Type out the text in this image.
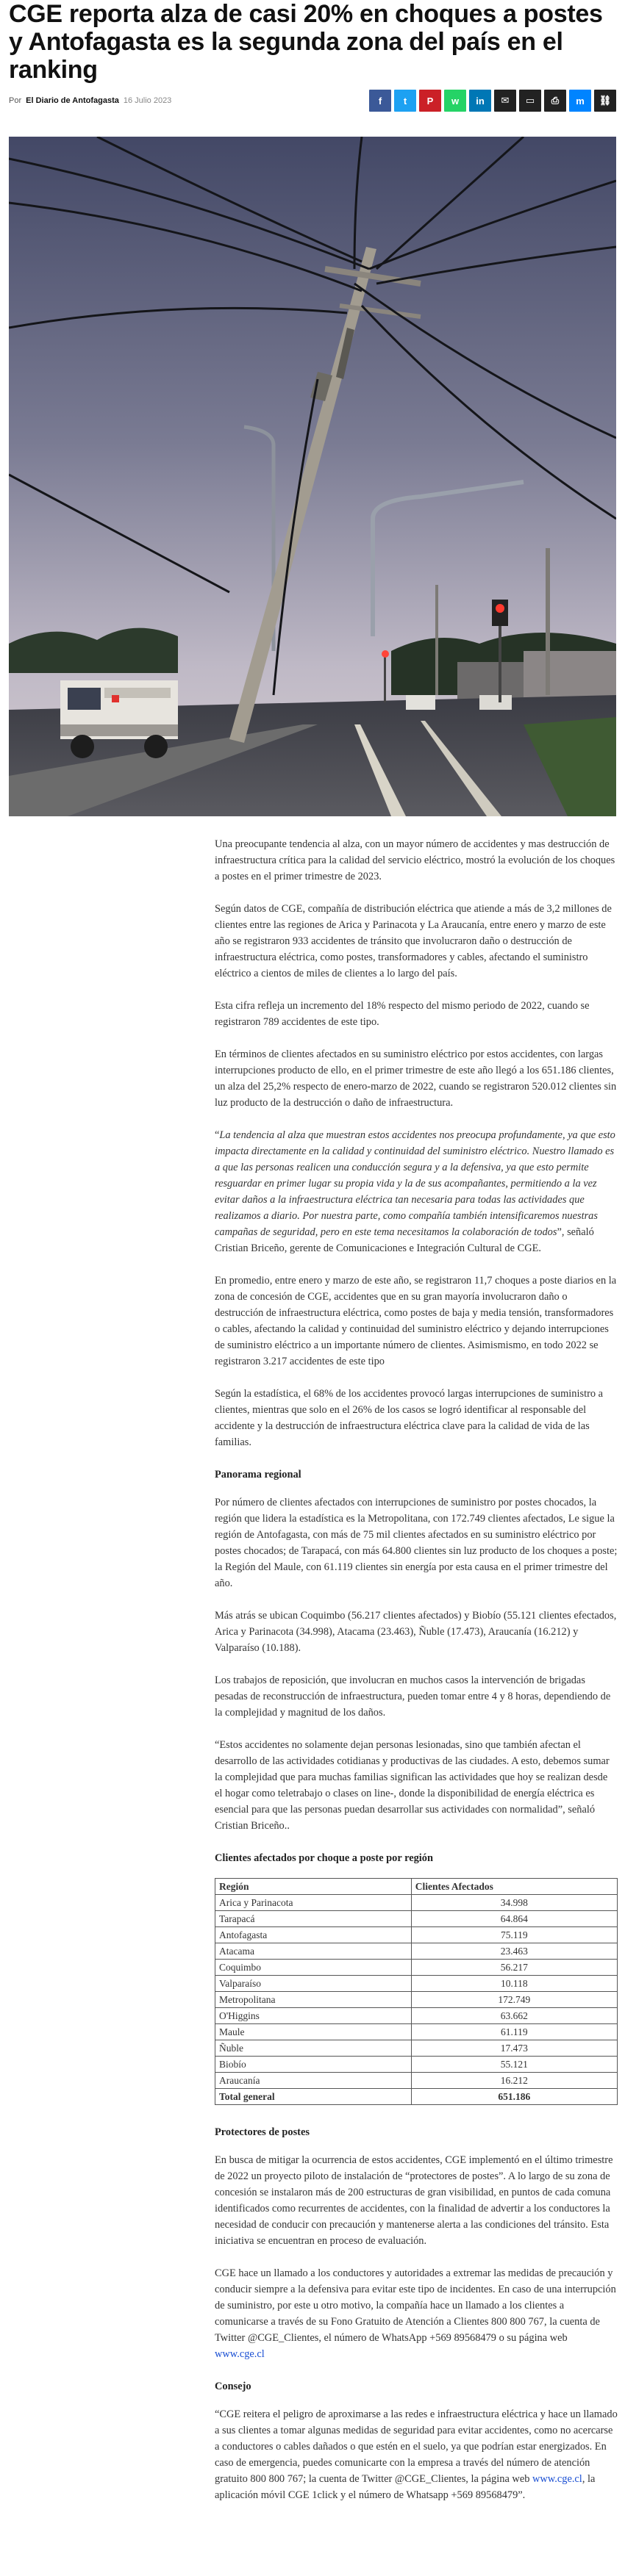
CGE reporta alza de casi 20% en choques a postes y Antofagasta es la segunda zona del país en el ranking
Por El Diario de Antofagasta 16 Julio 2023	f t P w in ✉ ▭ ⎙ m ⛓

Una preocupante tendencia al alza, con un mayor número de accidentes y mas destrucción de infraestructura crítica para la calidad del servicio eléctrico, mostró la evolución de los choques a postes en el primer trimestre de 2023.

Según datos de CGE, compañía de distribución eléctrica que atiende a más de 3,2 millones de clientes entre las regiones de Arica y Parinacota y La Araucanía, entre enero y marzo de este año se registraron 933 accidentes de tránsito que involucraron daño o destrucción de infraestructura eléctrica, como postes, transformadores y cables, afectando el suministro eléctrico a cientos de miles de clientes a lo largo del país.

Esta cifra refleja un incremento del 18% respecto del mismo periodo de 2022, cuando se registraron 789 accidentes de este tipo.

En términos de clientes afectados en su suministro eléctrico por estos accidentes, con largas interrupciones producto de ello, en el primer trimestre de este año llegó a los 651.186 clientes, un alza del 25,2% respecto de enero-marzo de 2022, cuando se registraron 520.012 clientes sin luz producto de la destrucción o daño de infraestructura.

“La tendencia al alza que muestran estos accidentes nos preocupa profundamente, ya que esto impacta directamente en la calidad y continuidad del suministro eléctrico. Nuestro llamado es a que las personas realicen una conducción segura y a la defensiva, ya que esto permite resguardar en primer lugar su propia vida y la de sus acompañantes, permitiendo a la vez evitar daños a la infraestructura eléctrica tan necesaria para todas las actividades que realizamos a diario. Por nuestra parte, como compañía también intensificaremos nuestras campañas de seguridad, pero en este tema necesitamos la colaboración de todos”, señaló Cristian Briceño, gerente de Comunicaciones e Integración Cultural de CGE.

En promedio, entre enero y marzo de este año, se registraron 11,7 choques a poste diarios en la zona de concesión de CGE, accidentes que en su gran mayoría involucraron daño o destrucción de infraestructura eléctrica, como postes de baja y media tensión, transformadores o cables, afectando la calidad y continuidad del suministro eléctrico y dejando interrupciones de suministro eléctrico a un importante número de clientes. Asimismismo, en todo 2022 se registraron 3.217 accidentes de este tipo

Según la estadística, el 68% de los accidentes provocó largas interrupciones de suministro a clientes, mientras que solo en el 26% de los casos se logró identificar al responsable del accidente y la destrucción de infraestructura eléctrica clave para la calidad de vida de las familias.

Panorama regional

Por número de clientes afectados con interrupciones de suministro por postes chocados, la región que lidera la estadística es la Metropolitana, con 172.749 clientes afectados, Le sigue la región de Antofagasta, con más de 75 mil clientes afectados en su suministro eléctrico por postes chocados; de Tarapacá, con más 64.800 clientes sin luz producto de los choques a poste; la Región del Maule, con 61.119 clientes sin energía por esta causa en el primer trimestre del año.

Más atrás se ubican Coquimbo (56.217 clientes afectados) y Biobío (55.121 clientes efectados, Arica y Parinacota (34.998), Atacama (23.463), Ñuble (17.473), Araucanía (16.212) y Valparaíso (10.188).

Los trabajos de reposición, que involucran en muchos casos la intervención de brigadas pesadas de reconstrucción de infraestructura, pueden tomar entre 4 y 8 horas, dependiendo de la complejidad y magnitud de los daños.

“Estos accidentes no solamente dejan personas lesionadas, sino que también afectan el desarrollo de las actividades cotidianas y productivas de las ciudades. A esto, debemos sumar la complejidad que para muchas familias significan las actividades que hoy se realizan desde el hogar como teletrabajo o clases on line-, donde la disponibilidad de energía eléctrica es esencial para que las personas puedan desarrollar sus actividades con normalidad”, señaló Cristian Briceño..

Clientes afectados por choque a poste por región
Región	Clientes Afectados
Arica y Parinacota	34.998
Tarapacá	64.864
Antofagasta	75.119
Atacama	23.463
Coquimbo	56.217
Valparaíso	10.118
Metropolitana	172.749
O'Higgins	63.662
Maule	61.119
Ñuble	17.473
Biobío	55.121
Araucanía	16.212
Total general	651.186
Protectores de postes

En busca de mitigar la ocurrencia de estos accidentes, CGE implementó en el último trimestre de 2022 un proyecto piloto de instalación de “protectores de postes”. A lo largo de su zona de concesión se instalaron más de 200 estructuras de gran visibilidad, en puntos de cada comuna identificados como recurrentes de accidentes, con la finalidad de advertir a los conductores la necesidad de conducir con precaución y mantenerse alerta a las condiciones del tránsito. Esta iniciativa se encuentran en proceso de evaluación.

CGE hace un llamado a los conductores y autoridades a extremar las medidas de precaución y conducir siempre a la defensiva para evitar este tipo de incidentes. En caso de una interrupción de suministro, por este u otro motivo, la compañía hace un llamado a los clientes a comunicarse a través de su Fono Gratuito de Atención a Clientes 800 800 767, la cuenta de Twitter @CGE_Clientes, el número de WhatsApp +569 89568479 o su página web www.cge.cl

Consejo

“CGE reitera el peligro de aproximarse a las redes e infraestructura eléctrica y hace un llamado a sus clientes a tomar algunas medidas de seguridad para evitar accidentes, como no acercarse a conductores o cables dañados o que estén en el suelo, ya que podrían estar energizados. En caso de emergencia, puedes comunicarte con la empresa a través del número de atención gratuito 800 800 767; la cuenta de Twitter @CGE_Clientes, la página web www.cge.cl, la aplicación móvil CGE 1click y el número de Whatsapp +569 89568479”.
